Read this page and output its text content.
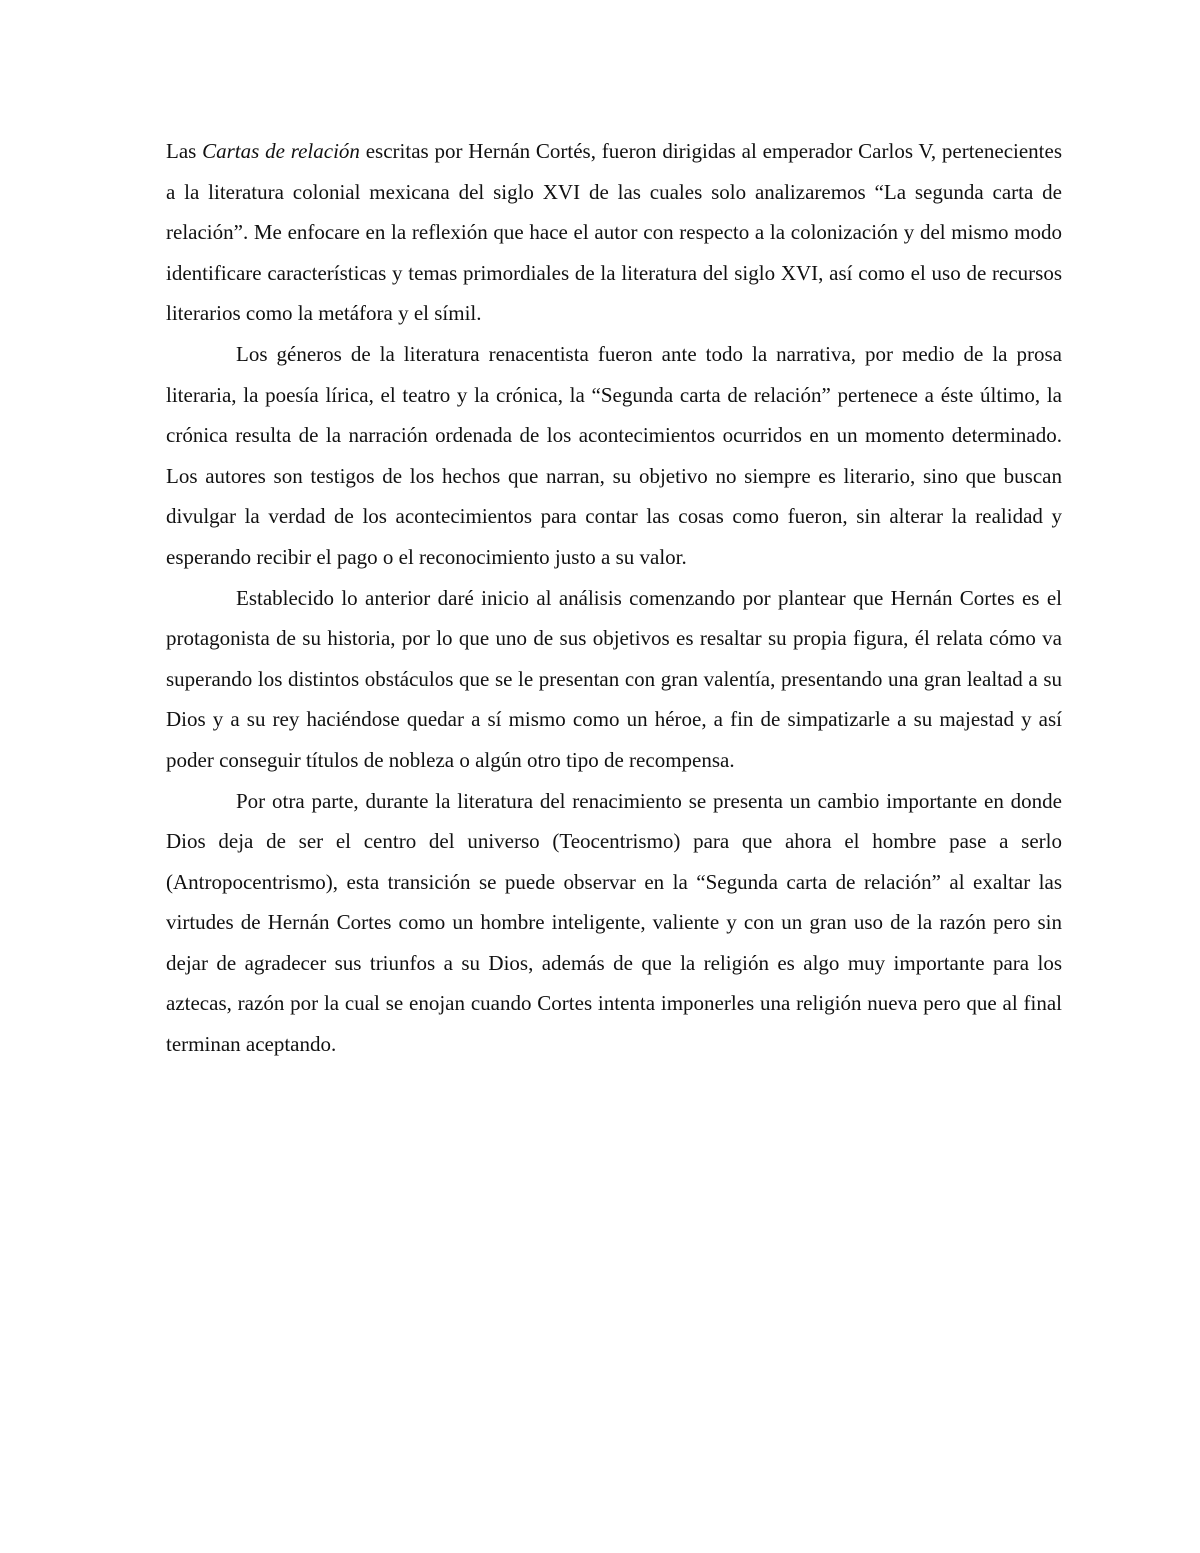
Las Cartas de relación escritas por Hernán Cortés, fueron dirigidas al emperador Carlos V, pertenecientes a la literatura colonial mexicana del siglo XVI de las cuales solo analizaremos “La segunda carta de relación”. Me enfocare en la reflexión que hace el autor con respecto a la colonización y del mismo modo identificare características y temas primordiales de la literatura del siglo XVI, así como el uso de recursos literarios como la metáfora y el símil.

Los géneros de la literatura renacentista fueron ante todo la narrativa, por medio de la prosa literaria, la poesía lírica, el teatro y la crónica, la “Segunda carta de relación” pertenece a éste último, la crónica resulta de la narración ordenada de los acontecimientos ocurridos en un momento determinado. Los autores son testigos de los hechos que narran, su objetivo no siempre es literario, sino que buscan divulgar la verdad de los acontecimientos para contar las cosas como fueron, sin alterar la realidad y esperando recibir el pago o el reconocimiento justo a su valor.

Establecido lo anterior daré inicio al análisis comenzando por plantear que Hernán Cortes es el protagonista de su historia, por lo que uno de sus objetivos es resaltar su propia figura, él relata cómo va superando los distintos obstáculos que se le presentan con gran valentía, presentando una gran lealtad a su Dios y a su rey haciéndose quedar a sí mismo como un héroe, a fin de simpatizarle a su majestad y así poder conseguir títulos de nobleza o algún otro tipo de recompensa.

Por otra parte, durante la literatura del renacimiento se presenta un cambio importante en donde Dios deja de ser el centro del universo (Teocentrismo) para que ahora el hombre pase a serlo (Antropocentrismo), esta transición se puede observar en la “Segunda carta de relación” al exaltar las virtudes de Hernán Cortes como un hombre inteligente, valiente y con un gran uso de la razón pero sin dejar de agradecer sus triunfos a su Dios, además de que la religión es algo muy importante para los aztecas, razón por la cual se enojan cuando Cortes intenta imponerles una religión nueva pero que al final terminan aceptando.
